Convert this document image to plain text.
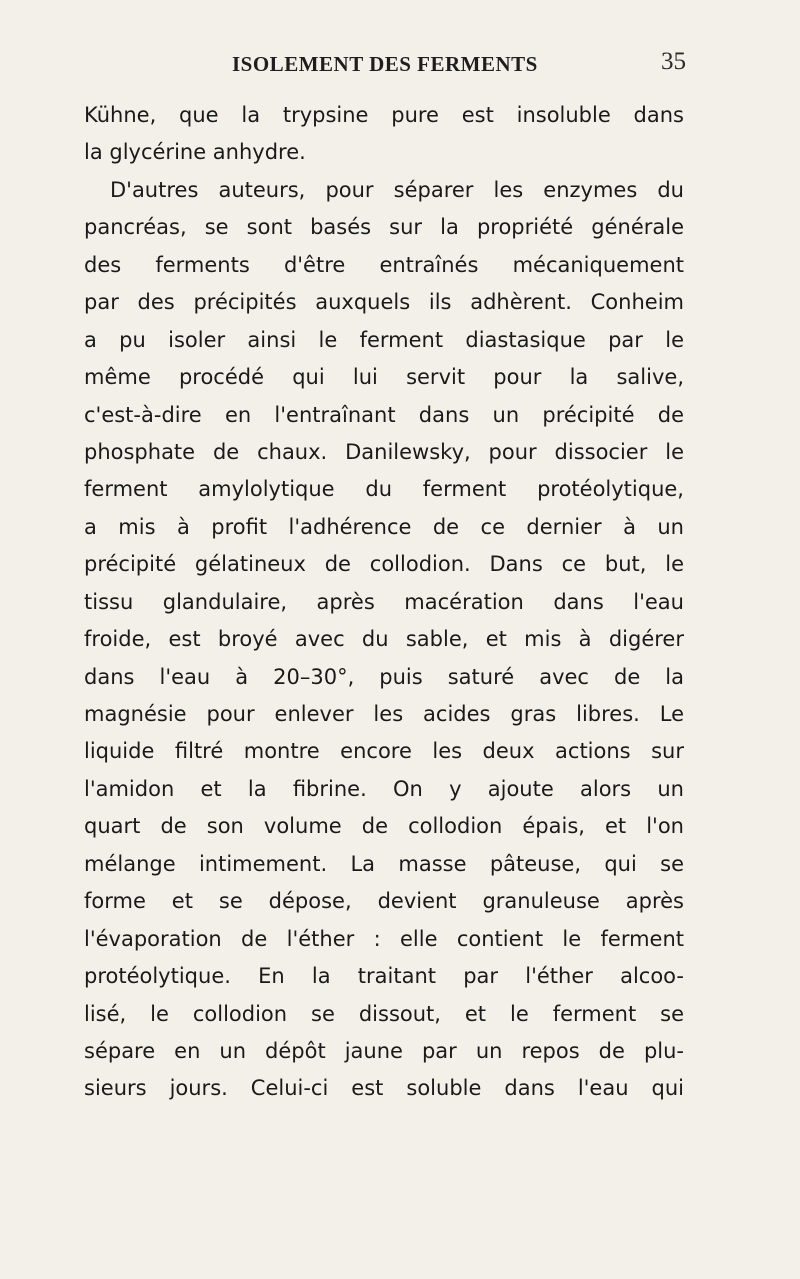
ISOLEMENT DES FERMENTS	35
Kühne, que la trypsine pure est insoluble dans
la glycérine anhydre.
D'autres auteurs, pour séparer les enzymes du
pancréas, se sont basés sur la propriété générale
des ferments d'être entraînés mécaniquement
par des précipités auxquels ils adhèrent. Conheim
a pu isoler ainsi le ferment diastasique par le
même procédé qui lui servit pour la salive,
c'est-à-dire en l'entraînant dans un précipité de
phosphate de chaux. Danilewsky, pour dissocier le
ferment amylolytique du ferment protéolytique,
a mis à profit l'adhérence de ce dernier à un
précipité gélatineux de collodion. Dans ce but, le
tissu glandulaire, après macération dans l'eau
froide, est broyé avec du sable, et mis à digérer
dans l'eau à 20–30°, puis saturé avec de la
magnésie pour enlever les acides gras libres. Le
liquide filtré montre encore les deux actions sur
l'amidon et la fibrine. On y ajoute alors un
quart de son volume de collodion épais, et l'on
mélange intimement. La masse pâteuse, qui se
forme et se dépose, devient granuleuse après
l'évaporation de l'éther : elle contient le ferment
protéolytique. En la traitant par l'éther alcoo-
lisé, le collodion se dissout, et le ferment se
sépare en un dépôt jaune par un repos de plu-
sieurs jours. Celui-ci est soluble dans l'eau qui
